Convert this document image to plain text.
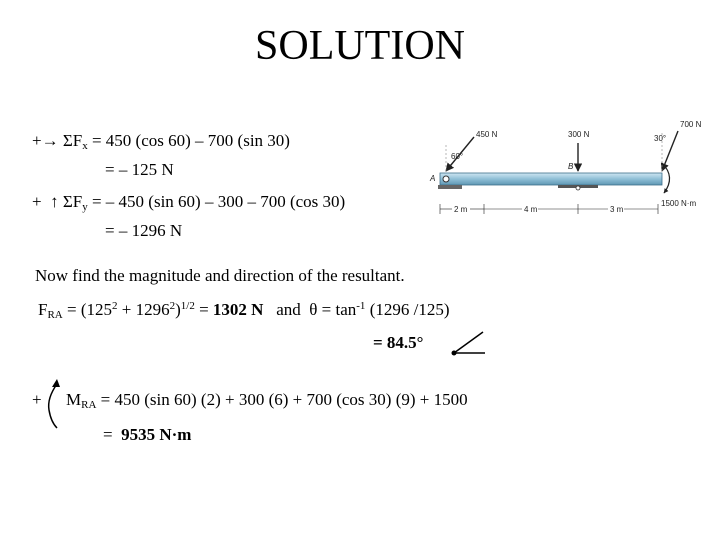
SOLUTION
+→ $\Sigma F_x = 450$ (cos 60) – 700 (sin 30)
= – 125 N
+ ↑ $\Sigma F_y$ = – 450 (sin 60) – 300 – 700 (cos 30)
= – 1296 N
Now find the magnitude and direction of the resultant.
$F_{RA} = (125^2 + 1296^2)^{1/2} = 1302$ N   and  $\theta = \tan^{-1} (1296$ /125)
= 84.5°
+ $M_{RA} = 450$ (sin 60) (2) + 300 (6) + 700 (cos 30) (9) + 1500
=  9535 N·m
450 N
60°
300 N
700 N
30°
A
B
1500 N·m
2 m	4 m	3 m
